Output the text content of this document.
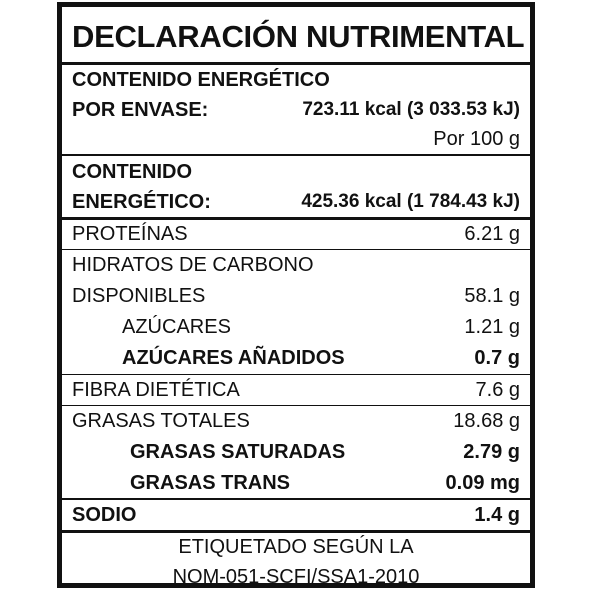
DECLARACIÓN NUTRIMENTAL
CONTENIDO ENERGÉTICO
POR ENVASE:	723.11 kcal (3 033.53 kJ)
Por 100 g
CONTENIDO
ENERGÉTICO:	425.36 kcal (1 784.43 kJ)
PROTEÍNAS	6.21 g
HIDRATOS DE CARBONO
DISPONIBLES	58.1 g
AZÚCARES	1.21 g
AZÚCARES AÑADIDOS	0.7 g
FIBRA DIETÉTICA	7.6 g
GRASAS TOTALES	18.68 g
GRASAS SATURADAS	2.79 g
GRASAS TRANS	0.09 mg
SODIO	1.4 g
ETIQUETADO SEGÚN LA
NOM-051-SCFI/SSA1-2010
